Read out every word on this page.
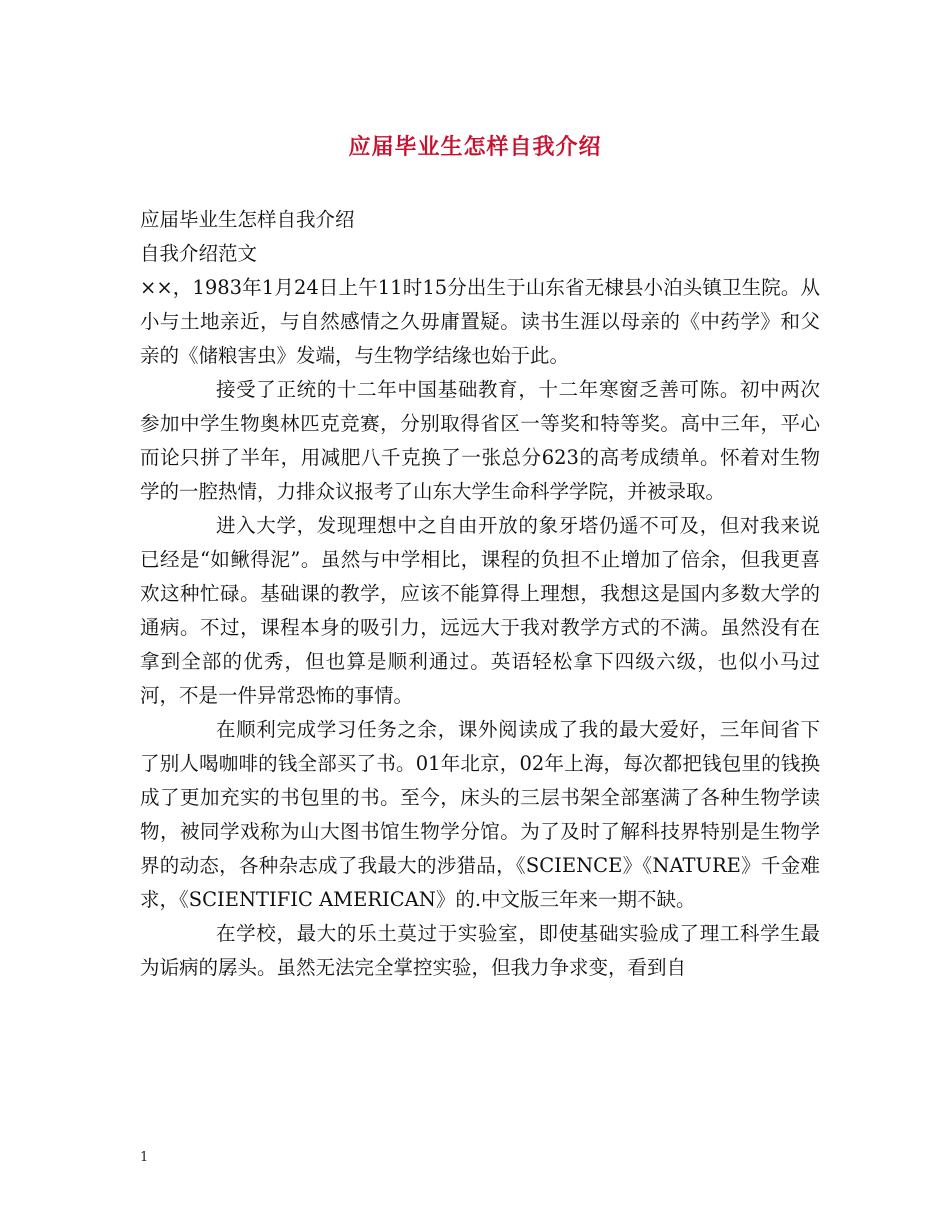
应届毕业生怎样自我介绍

应届毕业生怎样自我介绍

自我介绍范文

××，1983年1月24日上午11时15分出生于山东省无棣县小泊头镇卫生院。从小与土地亲近，与自然感情之久毋庸置疑。读书生涯以母亲的《中药学》和父亲的《储粮害虫》发端，与生物学结缘也始于此。

接受了正统的十二年中国基础教育，十二年寒窗乏善可陈。初中两次参加中学生物奥林匹克竞赛，分别取得省区一等奖和特等奖。高中三年，平心而论只拼了半年，用减肥八千克换了一张总分623的高考成绩单。怀着对生物学的一腔热情，力排众议报考了山东大学生命科学学院，并被录取。

进入大学，发现理想中之自由开放的象牙塔仍遥不可及，但对我来说已经是“如鳅得泥”。虽然与中学相比，课程的负担不止增加了倍余，但我更喜欢这种忙碌。基础课的教学，应该不能算得上理想，我想这是国内多数大学的通病。不过，课程本身的吸引力，远远大于我对教学方式的不满。虽然没有在拿到全部的优秀，但也算是顺利通过。英语轻松拿下四级六级，也似小马过河，不是一件异常恐怖的事情。

在顺利完成学习任务之余，课外阅读成了我的最大爱好，三年间省下了别人喝咖啡的钱全部买了书。01年北京，02年上海，每次都把钱包里的钱换成了更加充实的书包里的书。至今，床头的三层书架全部塞满了各种生物学读物，被同学戏称为山大图书馆生物学分馆。为了及时了解科技界特别是生物学界的动态，各种杂志成了我最大的涉猎品，《SCIENCE》《NATURE》千金难求，《SCIENTIFIC AMERICAN》的.中文版三年来一期不缺。

在学校，最大的乐土莫过于实验室，即使基础实验成了理工科学生最为诟病的孱头。虽然无法完全掌控实验，但我力争求变，看到自

1
